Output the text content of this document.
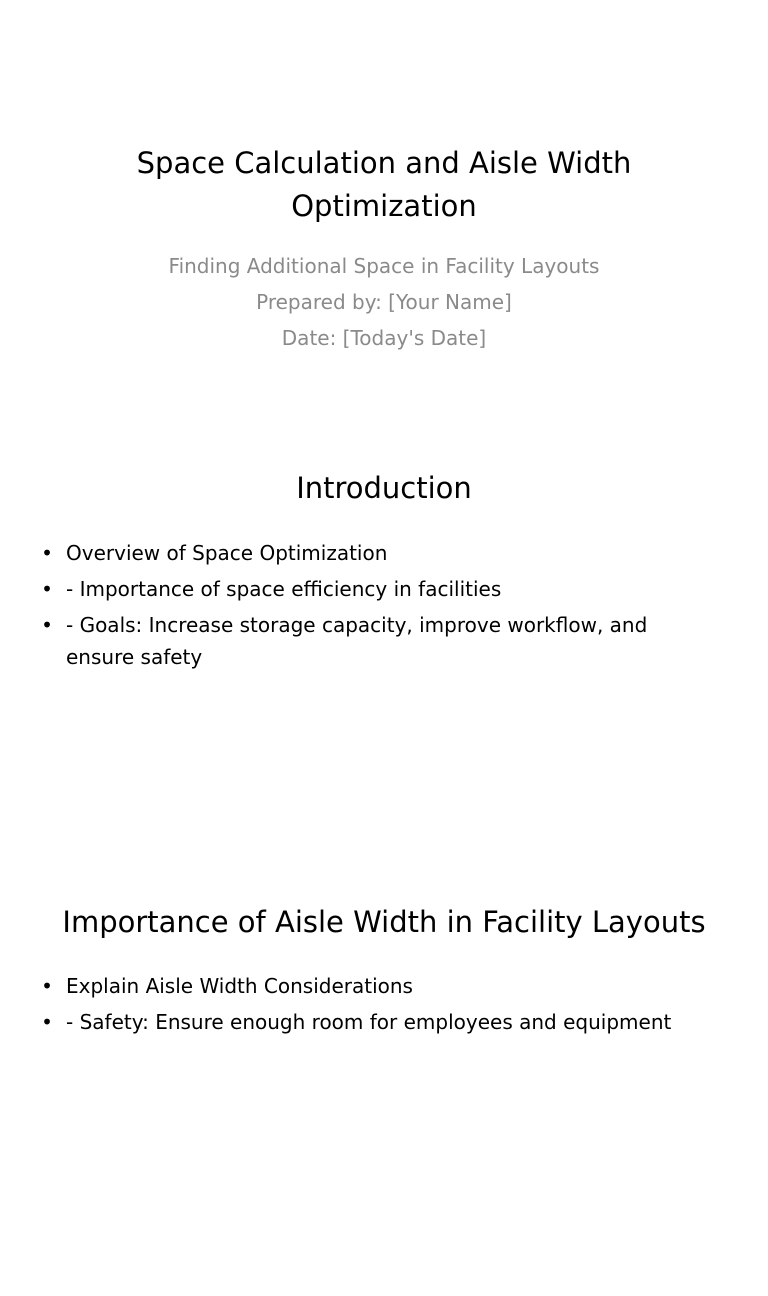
Space Calculation and Aisle Width Optimization
Finding Additional Space in Facility Layouts
Prepared by: [Your Name]
Date: [Today's Date]
Introduction
• Overview of Space Optimization
• - Importance of space efficiency in facilities
• - Goals: Increase storage capacity, improve workflow, and ensure safety
Importance of Aisle Width in Facility Layouts
• Explain Aisle Width Considerations
• - Safety: Ensure enough room for employees and equipment
